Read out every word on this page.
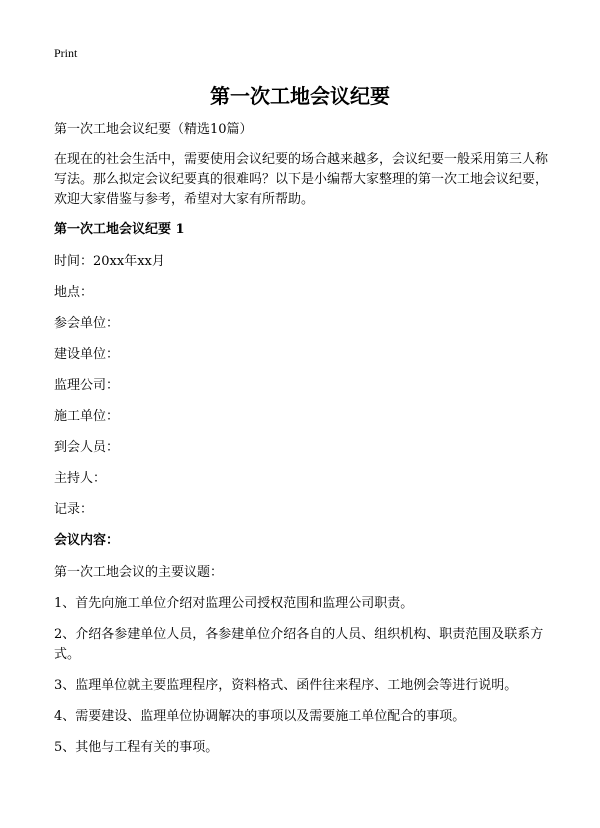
Print
第一次工地会议纪要

第一次工地会议纪要（精选10篇）

在现在的社会生活中，需要使用会议纪要的场合越来越多，会议纪要一般采用第三人称写法。那么拟定会议纪要真的很难吗？以下是小编帮大家整理的第一次工地会议纪要，欢迎大家借鉴与参考，希望对大家有所帮助。

第一次工地会议纪要 1

时间：20xx年xx月

地点：

参会单位：

建设单位：

监理公司：

施工单位：

到会人员：

主持人：

记录：

会议内容：

第一次工地会议的主要议题：

1、首先向施工单位介绍对监理公司授权范围和监理公司职责。

2、介绍各参建单位人员，各参建单位介绍各自的人员、组织机构、职责范围及联系方式。

3、监理单位就主要监理程序，资料格式、函件往来程序、工地例会等进行说明。

4、需要建设、监理单位协调解决的事项以及需要施工单位配合的事项。

5、其他与工程有关的事项。
